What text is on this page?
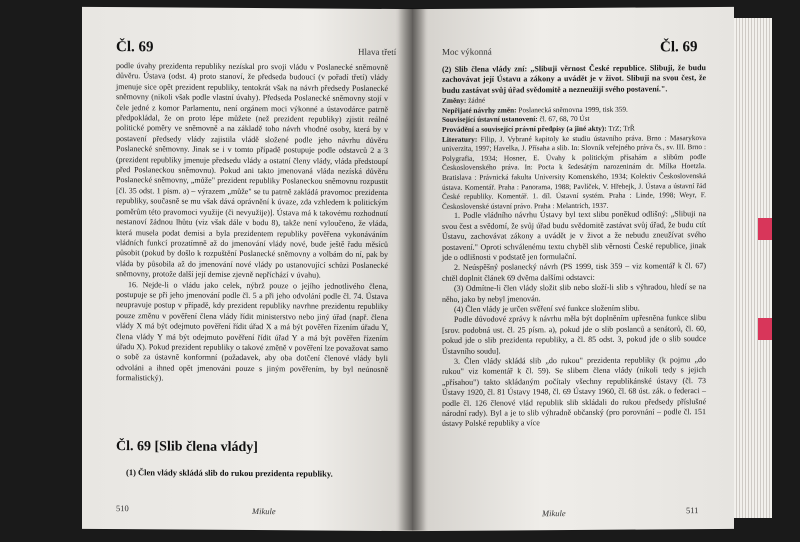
Čl. 69	Hlava třetí

podle úvahy prezidenta republiky nezískal pro svoji vládu v Poslanecké sněmovně důvěru. Ústava (odst. 4) proto stanoví, že předseda budoucí (v pořadí třetí) vlády jmenuje sice opět prezident republiky, tentokrát však na návrh předsedy Poslanecké sněmovny (nikoli však podle vlastní úvahy). Předseda Poslanecké sněmovny stojí v čele jedné z komor Parlamentu, není orgánem moci výkonné a ústavodárce patrně předpokládal, že on proto lépe můžete (než prezident republiky) zjistit reálné politické poměry ve sněmovně a na základě toho návrh vhodné osoby, která by v postavení předsedy vlády zajistila vládě složené podle jeho návrhu důvěru Poslanecké sněmovny. Jinak se i v tomto případě postupuje podle odstavců 2 a 3 (prezident republiky jmenuje předsedu vlády a ostatní členy vlády, vláda předstoupí před Poslaneckou sněmovnu). Pokud ani takto jmenovaná vláda nezíská důvěru Poslanecké sněmovny, „může" prezident republiky Poslaneckou sněmovnu rozpustit [čl. 35 odst. 1 písm. a) – výrazem „může" se tu patrně zakládá pravomoc prezidenta republiky, současně se mu však dává oprávnění k úvaze, zda vzhledem k politickým poměrům této pravomoci využije (či nevyužije)]. Ústava má k takovému rozhodnutí nestanoví žádnou lhůtu (viz však dále v bodu 8), takže není vyloučeno, že vláda, která musela podat demisi a byla prezidentem republiky pověřena vykonáváním vládních funkcí prozatímně až do jmenování vlády nové, bude ještě řadu měsíců působit (pokud by došlo k rozpuštění Poslanecké sněmovny a volbám do ní, pak by vláda by působila až do jmenování nové vlády po ustanovující schůzi Poslanecké sněmovny, protože další její demise zjevně nepříchází v úvahu).

16. Nejde-li o vládu jako celek, nýbrž pouze o jejího jednotlivého člena, postupuje se při jeho jmenování podle čl. 5 a při jeho odvolání podle čl. 74. Ústava neupravuje postup v případě, kdy prezident republiky navrhne prezidentu republiky pouze změnu v pověření člena vlády řídit ministerstvo nebo jiný úřad (např. člena vlády X má být odejmuto pověření řídit úřad X a má být pověřen řízením úřadu Y, člena vlády Y má být odejmuto pověření řídit úřad Y a má být pověřen řízením úřadu X). Pokud prezident republiky o takové změně v pověření lze považovat samo o sobě za ústavně konformní (požadavek, aby oba dotčení členové vlády byli odvoláni a ihned opět jmenováni pouze s jiným pověřením, by byl neúnosně formalistický).

Čl. 69 [Slib člena vlády]
(1) Člen vlády skládá slib do rukou prezidenta republiky.
510	Mikule
Moc výkonná	Čl. 69

(2) Slib člena vlády zní: „Slibuji věrnost České republice. Slibuji, že budu zachovávat její Ústavu a zákony a uvádět je v život. Slibuji na svou čest, že budu zastávat svůj úřad svědomitě a nezneužiji svého postavení.".

Změny: žádné

Nepřijaté návrhy změn: Poslanecká sněmovna 1999, tisk 359.

Související ústavní ustanovení: čl. 67, 68, 70 Úst

Provádění a související právní předpisy (a jiné akty): TrZ; TrŘ

Literatury: Filip, J. Vybrané kapitoly ke studiu ústavního práva. Brno : Masarykova univerzita, 1997; Havelka, J. Přísaha a slib. In: Slovník veřejného práva čs., sv. III. Brno : Polygrafia, 1934; Hosner, E. Úvahy k politickým přísahám a slibům podle Československého práva. In: Pocta k šedesátým narozeninám dr. Mílka Hoetzla. Bratislava : Právnická fakulta University Komenského, 1934; Kolektiv Československá ústava. Komentář. Praha : Panorama, 1988; Pavlíček, V. Hřebejk, J. Ústava a ústavní řád České republiky. Komentář. 1. díl. Ústavní systém. Praha : Linde, 1998; Weyr, F. Československé ústavní právo. Praha : Melantrich, 1937.

1. Podle vládního návrhu Ústavy byl text slibu poněkud odlišný: „Slibuji na svou čest a svědomí, že svůj úřad budu svědomitě zastávat svůj úřad, že budu ctít Ústavu, zachovávat zákony a uvádět je v život a že nebudu zneužívat svého postavení." Oproti schválenému textu chyběl slib věrnosti České republice, jinak jde o odlišnosti v podstatě jen formulační.

2. Neúspěšný poslanecký návrh (PS 1999, tisk 359 – viz komentář k čl. 67) chtěl doplnit článek 69 dvěma dalšími odstavci:

(3) Odmítne-li člen vlády složit slib nebo složí-li slib s výhradou, hledí se na něho, jako by nebyl jmenován.

(4) Člen vlády je určen svěření své funkce složením slibu.

Podle důvodové zprávy k návrhu měla být doplněním upřesněna funkce slibu [srov. podobná ust. čl. 25 písm. a), pokud jde o slib poslanců a senátorů, čl. 60, pokud jde o slib prezidenta republiky, a čl. 85 odst. 3, pokud jde o slib soudce Ústavního soudu].

3. Člen vlády skládá slib „do rukou" prezidenta republiky (k pojmu „do rukou" viz komentář k čl. 59). Se slibem člena vlády (nikoli tedy s jejich „přísahou") takto skládaným počítaly všechny republikánské ústavy (čl. 73 Ústavy 1920, čl. 81 Ústavy 1948, čl. 69 Ústavy 1960, čl. 68 úst. zák. o federaci – podle čl. 126 členové vlád republik slib skládali do rukou předsedy příslušné národní rady). Byl a je to slib výhradně občanský (pro porovnání – podle čl. 151 ústavy Polské republiky a více

Mikule	511
